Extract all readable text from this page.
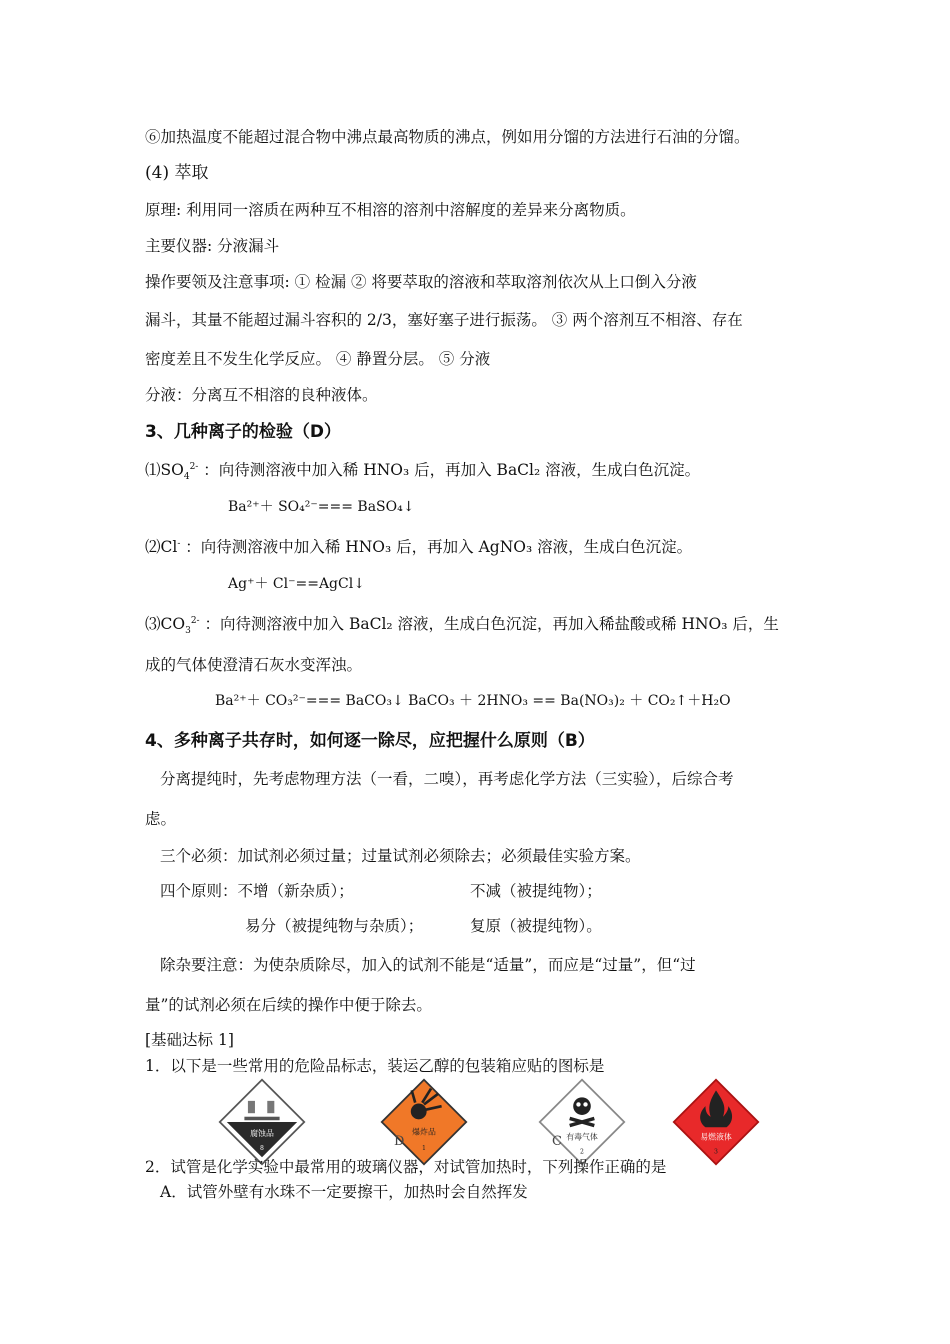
⑥加热温度不能超过混合物中沸点最高物质的沸点，例如用分馏的方法进行石油的分馏。
(4) 萃取
原理: 利用同一溶质在两种互不相溶的溶剂中溶解度的差异来分离物质。
主要仪器: 分液漏斗
操作要领及注意事项: ① 检漏 ② 将要萃取的溶液和萃取溶剂依次从上口倒入分液
漏斗，其量不能超过漏斗容积的 2/3，塞好塞子进行振荡。 ③ 两个溶剂互不相溶、存在
密度差且不发生化学反应。 ④ 静置分层。 ⑤ 分液
分液：分离互不相溶的良种液体。
3、几种离子的检验（D）
$⑴SO_4^{2-}$ ：向待测溶液中加入稀 HNO₃ 后，再加入 BaCl₂ 溶液，生成白色沉淀。
Ba²⁺＋ SO₄²⁻=== BaSO₄↓
⑵Cl- ：向待测溶液中加入稀 HNO₃ 后，再加入 AgNO₃ 溶液，生成白色沉淀。
Ag⁺＋ Cl⁻==AgCl↓
$⑶CO_3^{2-}$ ：向待测溶液中加入 BaCl₂ 溶液，生成白色沉淀，再加入稀盐酸或稀 HNO₃ 后，生
成的气体使澄清石灰水变浑浊。
Ba²⁺＋ CO₃²⁻=== BaCO₃↓ BaCO₃ ＋ 2HNO₃ == Ba(NO₃)₂ ＋ CO₂↑＋H₂O
4、多种离子共存时，如何逐一除尽，应把握什么原则（B）
分离提纯时，先考虑物理方法（一看，二嗅），再考虑化学方法（三实验），后综合考
虑。
三个必须：加试剂必须过量；过量试剂必须除去；必须最佳实验方案。
四个原则：不增（新杂质）；	不减（被提纯物）；
易分（被提纯物与杂质）；	复原（被提纯物）。
除杂要注意：为使杂质除尽，加入的试剂不能是“适量”，而应是“过量”，但“过
量”的试剂必须在后续的操作中便于除去。
[基础达标 1]
1．以下是一些常用的危险品标志，装运乙醇的包装箱应贴的图标是
腐蚀品
8
爆炸品
1
有毒气体
2
易燃液体
3
D	C
2．试管是化学实验中最常用的玻璃仪器，对试管加热时，下列操作正确的是
A．试管外壁有水珠不一定要擦干，加热时会自然挥发
